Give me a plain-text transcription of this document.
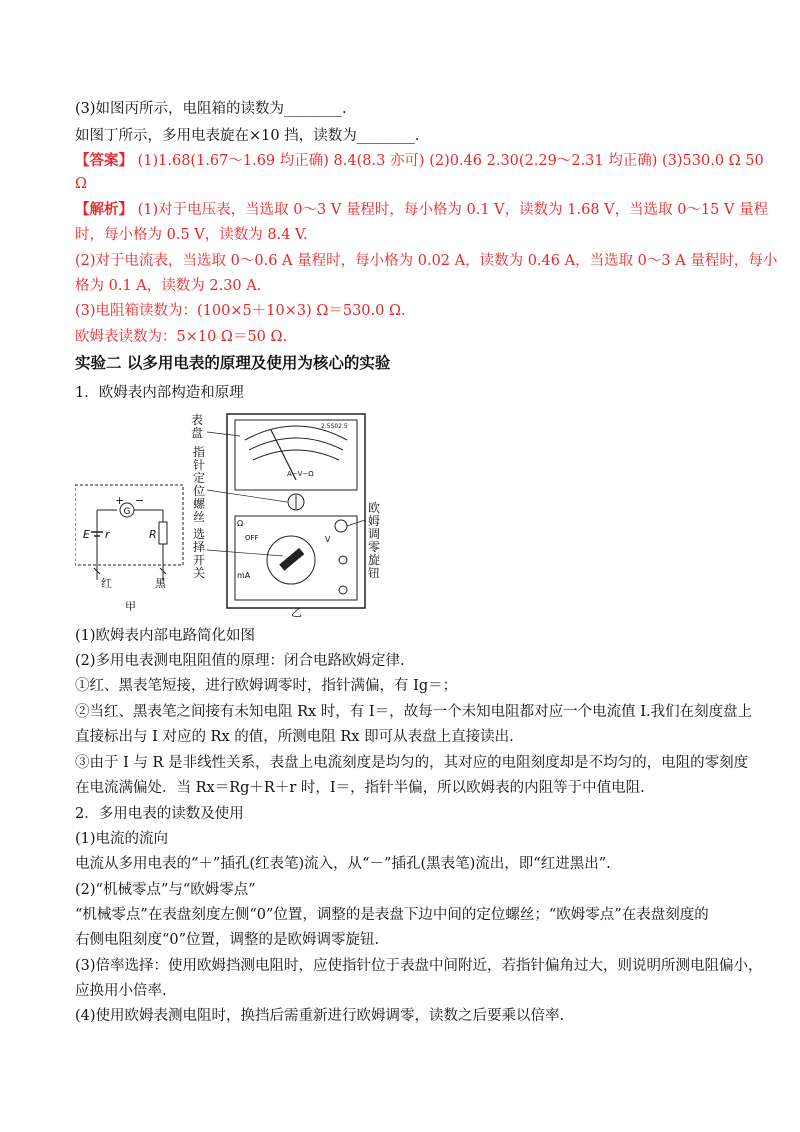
(3)如图丙所示，电阻箱的读数为________.
如图丁所示，多用电表旋在×10 挡，读数为________.
【答案】 (1)1.68(1.67～1.69 均正确) 8.4(8.3 亦可) (2)0.46 2.30(2.29～2.31 均正确) (3)530.0 Ω 50
Ω
【解析】 (1)对于电压表，当选取 0～3 V 量程时，每小格为 0.1 V，读数为 1.68 V，当选取 0～15 V 量程
时，每小格为 0.5 V，读数为 8.4 V.
(2)对于电流表，当选取 0～0.6 A 量程时，每小格为 0.02 A，读数为 0.46 A，当选取 0～3 A 量程时，每小
格为 0.1 A，读数为 2.30 A.
(3)电阻箱读数为：(100×5＋10×3) Ω＝530.0 Ω.
欧姆表读数为：5×10 Ω＝50 Ω.
实验二 以多用电表的原理及使用为核心的实验
1．欧姆表内部构造和原理
G
+ −
R
E r
红	黑
甲
A−V−Ω
2.5S02.5
Ω
mA
V
OFF
乙
表盘
指针定位螺丝
选择开关
欧姆调零旋钮
(1)欧姆表内部电路简化如图
(2)多用电表测电阻阻值的原理：闭合电路欧姆定律.
①红、黑表笔短接，进行欧姆调零时，指针满偏，有 Ig＝；
②当红、黑表笔之间接有未知电阻 Rx 时，有 I＝，故每一个未知电阻都对应一个电流值 I.我们在刻度盘上
直接标出与 I 对应的 Rx 的值，所测电阻 Rx 即可从表盘上直接读出.
③由于 I 与 R 是非线性关系，表盘上电流刻度是均匀的，其对应的电阻刻度却是不均匀的，电阻的零刻度
在电流满偏处．当 Rx＝Rg＋R＋r 时，I＝，指针半偏，所以欧姆表的内阻等于中值电阻.
2．多用电表的读数及使用
(1)电流的流向
电流从多用电表的“＋”插孔(红表笔)流入，从“－”插孔(黑表笔)流出，即“红进黑出”.
(2)“机械零点”与“欧姆零点”
“机械零点”在表盘刻度左侧“0”位置，调整的是表盘下边中间的定位螺丝；“欧姆零点”在表盘刻度的
右侧电阻刻度“0”位置，调整的是欧姆调零旋钮.
(3)倍率选择：使用欧姆挡测电阻时，应使指针位于表盘中间附近，若指针偏角过大，则说明所测电阻偏小，
应换用小倍率.
(4)使用欧姆表测电阻时，换挡后需重新进行欧姆调零，读数之后要乘以倍率.
